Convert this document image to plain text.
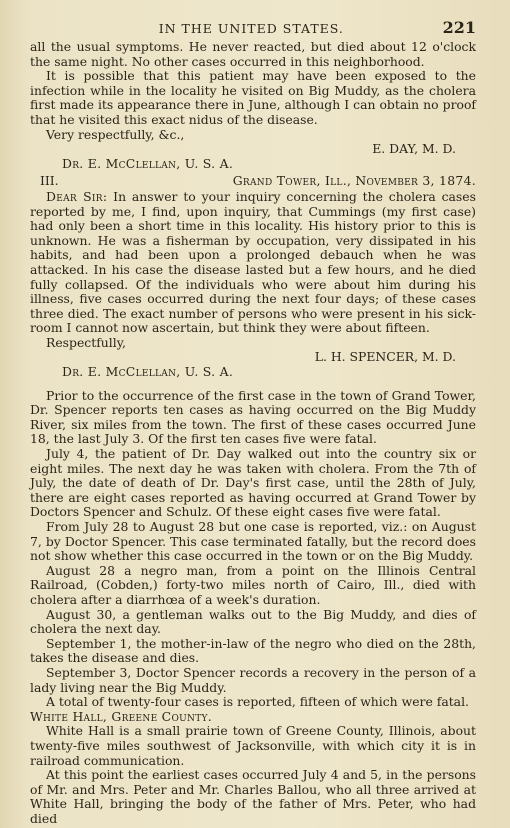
IN THE UNITED STATES.	221

all the usual symptoms. He never reacted, but died about 12 o'clock the same night. No other cases occurred in this neighborhood.

It is possible that this patient may have been exposed to the infection while in the locality he visited on Big Muddy, as the cholera first made its appearance there in June, although I can obtain no proof that he visited this exact nidus of the disease.

Very respectfully, &c.,

E. DAY, M. D.

Dr. E. McClellan, U. S. A.

III.	Grand Tower, Ill., November 3, 1874.

Dear Sir: In answer to your inquiry concerning the cholera cases reported by me, I find, upon inquiry, that Cummings (my first case) had only been a short time in this locality. His history prior to this is unknown. He was a fisherman by occupation, very dissipated in his habits, and had been upon a prolonged debauch when he was attacked. In his case the disease lasted but a few hours, and he died fully collapsed. Of the individuals who were about him during his illness, five cases occurred during the next four days; of these cases three died. The exact number of persons who were present in his sick-room I cannot now ascertain, but think they were about fifteen.

Respectfully,

L. H. SPENCER, M. D.

Dr. E. McClellan, U. S. A.

Prior to the occurrence of the first case in the town of Grand Tower, Dr. Spencer reports ten cases as having occurred on the Big Muddy River, six miles from the town. The first of these cases occurred June 18, the last July 3. Of the first ten cases five were fatal.

July 4, the patient of Dr. Day walked out into the country six or eight miles. The next day he was taken with cholera. From the 7th of July, the date of death of Dr. Day's first case, until the 28th of July, there are eight cases reported as having occurred at Grand Tower by Doctors Spencer and Schulz. Of these eight cases five were fatal.

From July 28 to August 28 but one case is reported, viz.: on August 7, by Doctor Spencer. This case terminated fatally, but the record does not show whether this case occurred in the town or on the Big Muddy.

August 28 a negro man, from a point on the Illinois Central Railroad, (Cobden,) forty-two miles north of Cairo, Ill., died with cholera after a diarrhœa of a week's duration.

August 30, a gentleman walks out to the Big Muddy, and dies of cholera the next day.

September 1, the mother-in-law of the negro who died on the 28th, takes the disease and dies.

September 3, Doctor Spencer records a recovery in the person of a lady living near the Big Muddy.

A total of twenty-four cases is reported, fifteen of which were fatal.

White Hall, Greene County.

White Hall is a small prairie town of Greene County, Illinois, about twenty-five miles southwest of Jacksonville, with which city it is in railroad communication.

At this point the earliest cases occurred July 4 and 5, in the persons of Mr. and Mrs. Peter and Mr. Charles Ballou, who all three arrived at White Hall, bringing the body of the father of Mrs. Peter, who had died
